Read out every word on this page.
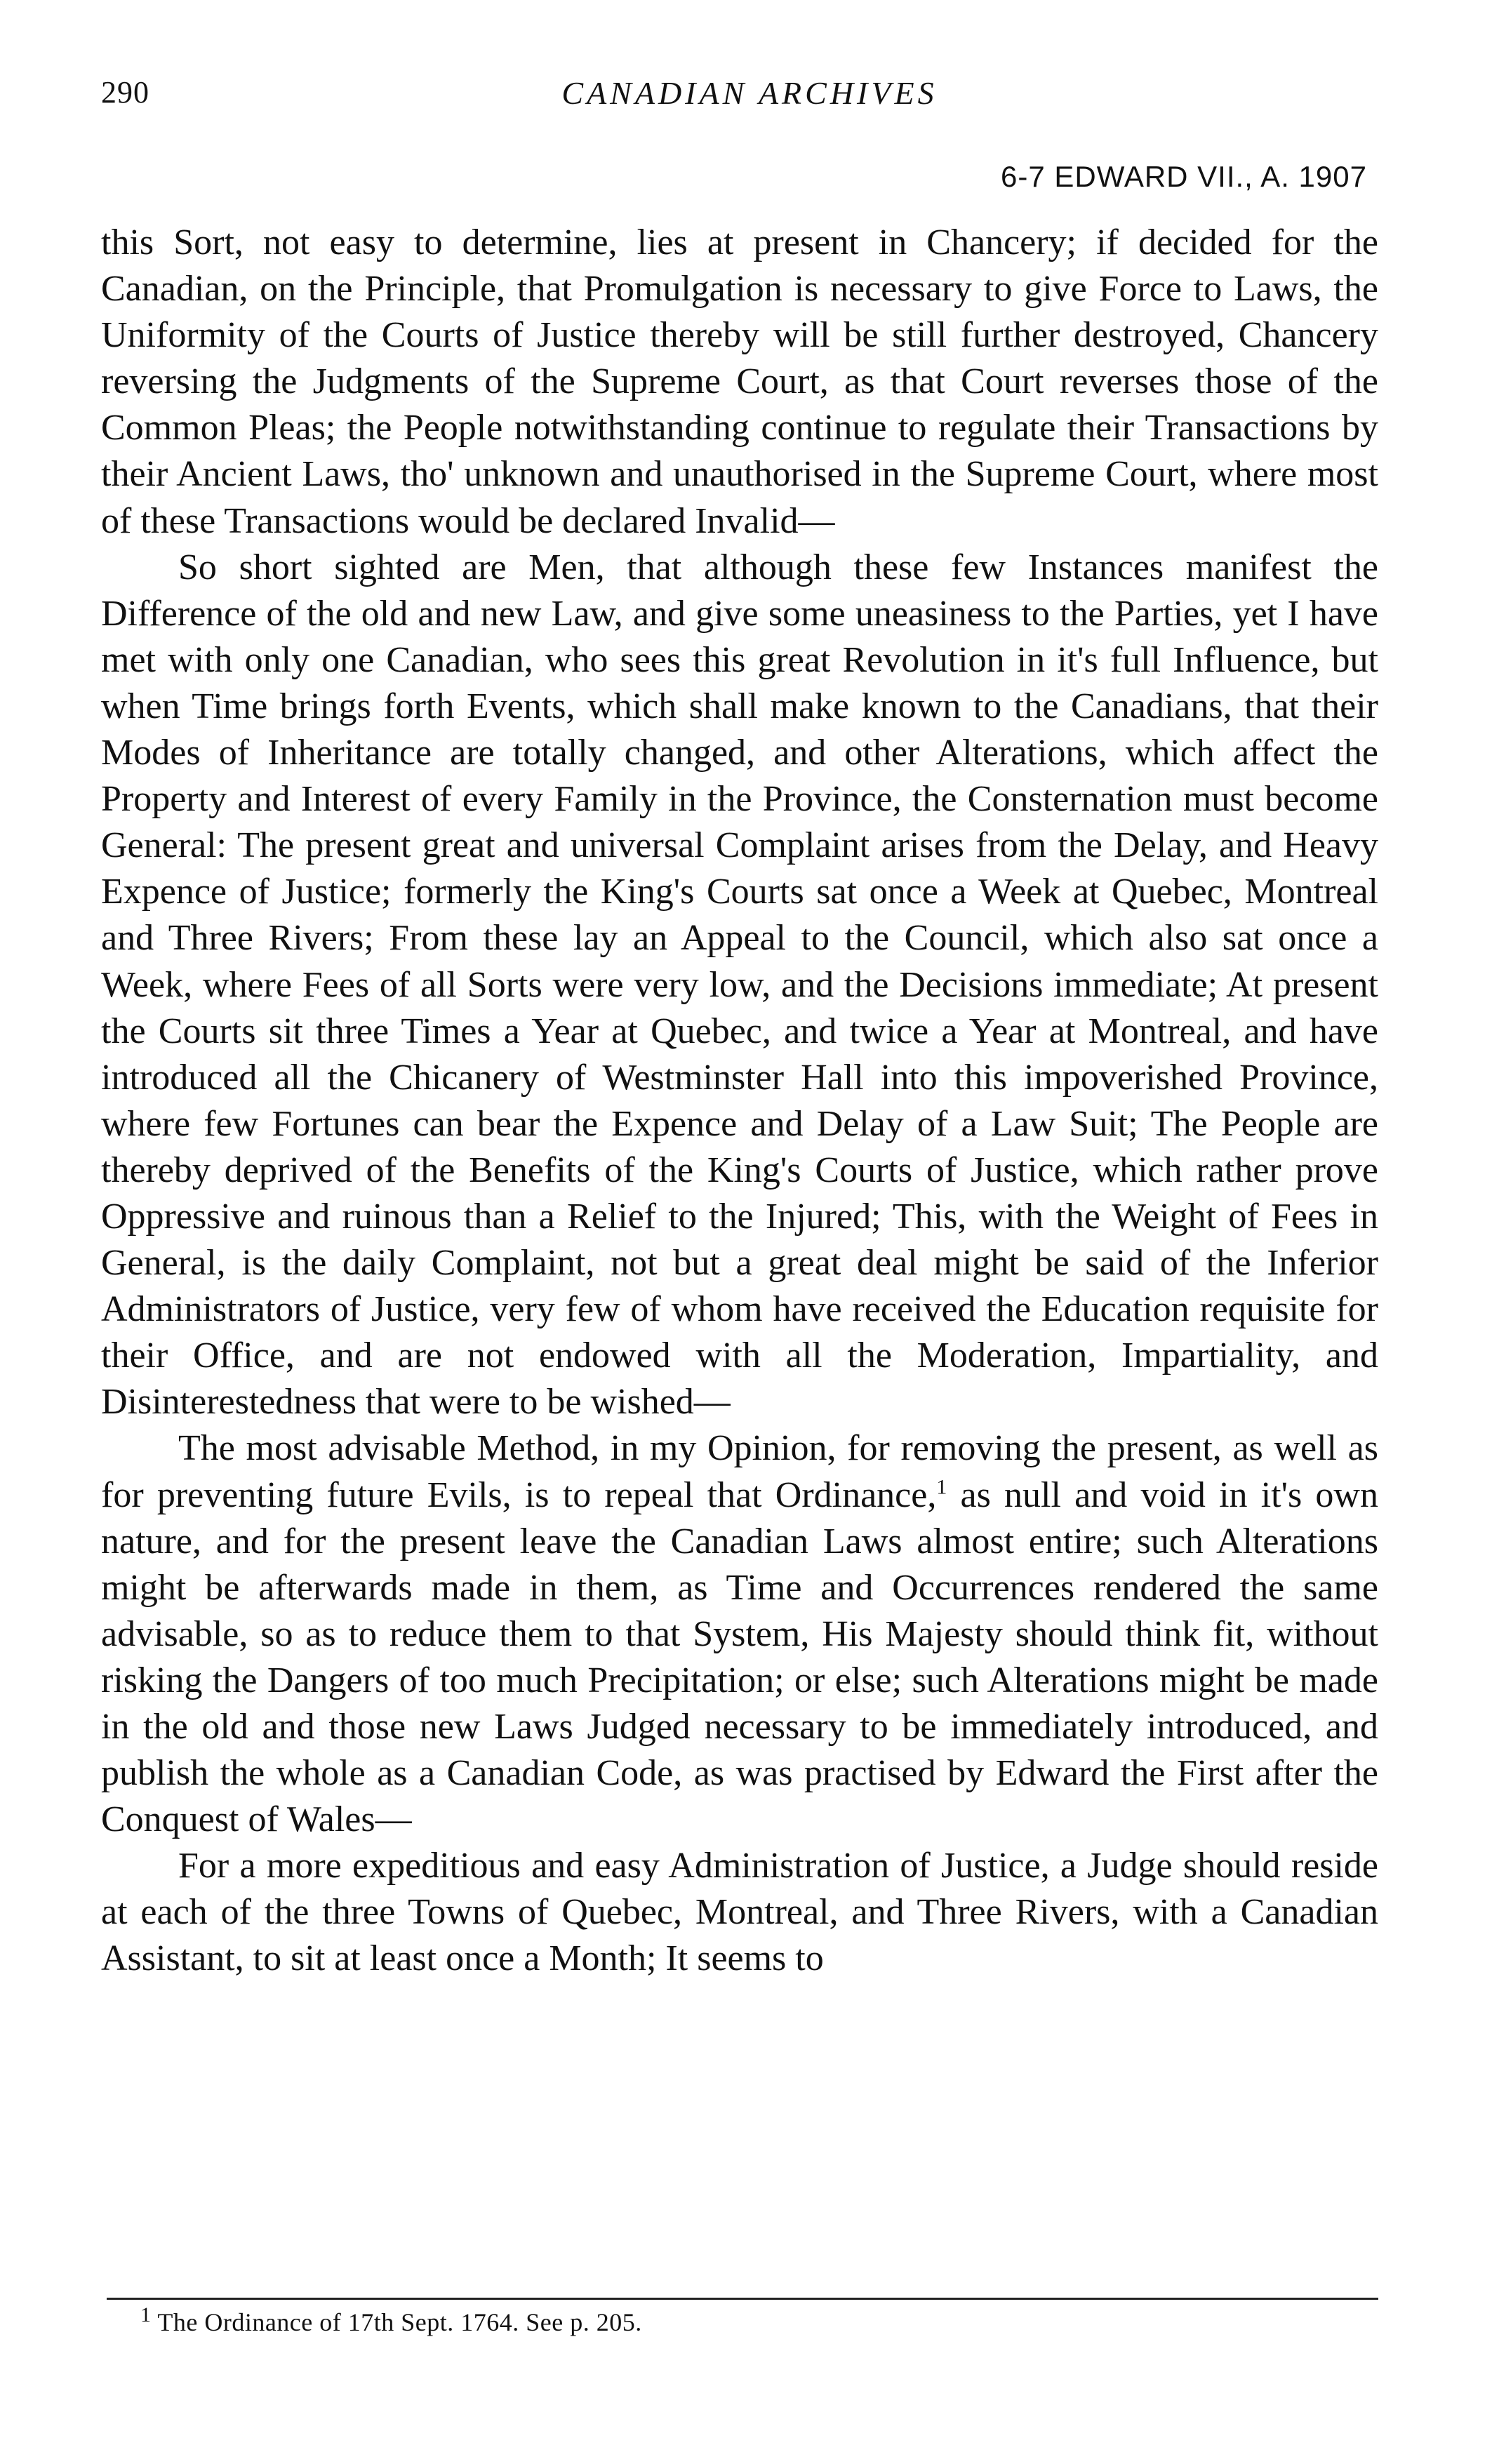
290	CANADIAN ARCHIVES
6-7 EDWARD VII., A. 1907

this Sort, not easy to determine, lies at present in Chancery; if decided for the Canadian, on the Principle, that Promulgation is necessary to give Force to Laws, the Uniformity of the Courts of Justice thereby will be still further destroyed, Chancery reversing the Judgments of the Supreme Court, as that Court reverses those of the Common Pleas; the People notwithstanding continue to regulate their Transactions by their Ancient Laws, tho' unknown and unauthorised in the Supreme Court, where most of these Transactions would be declared Invalid—

So short sighted are Men, that although these few Instances manifest the Difference of the old and new Law, and give some uneasiness to the Parties, yet I have met with only one Canadian, who sees this great Revolution in it's full Influence, but when Time brings forth Events, which shall make known to the Canadians, that their Modes of Inheritance are totally changed, and other Alterations, which affect the Property and Interest of every Family in the Province, the Consternation must become General: The present great and universal Complaint arises from the Delay, and Heavy Expence of Justice; formerly the King's Courts sat once a Week at Quebec, Montreal and Three Rivers; From these lay an Appeal to the Council, which also sat once a Week, where Fees of all Sorts were very low, and the Decisions immediate; At present the Courts sit three Times a Year at Quebec, and twice a Year at Montreal, and have introduced all the Chicanery of Westminster Hall into this impoverished Province, where few Fortunes can bear the Expence and Delay of a Law Suit; The People are thereby deprived of the Benefits of the King's Courts of Justice, which rather prove Oppressive and ruinous than a Relief to the Injured; This, with the Weight of Fees in General, is the daily Complaint, not but a great deal might be said of the Inferior Administrators of Justice, very few of whom have received the Education requisite for their Office, and are not endowed with all the Moderation, Impartiality, and Disinterestedness that were to be wished—

The most advisable Method, in my Opinion, for removing the present, as well as for preventing future Evils, is to repeal that Ordinance,$^1$ as null and void in it's own nature, and for the present leave the Canadian Laws almost entire; such Alterations might be afterwards made in them, as Time and Occurrences rendered the same advisable, so as to reduce them to that System, His Majesty should think fit, without risking the Dangers of too much Precipitation; or else; such Alterations might be made in the old and those new Laws Judged necessary to be immediately introduced, and publish the whole as a Canadian Code, as was practised by Edward the First after the Conquest of Wales—

For a more expeditious and easy Administration of Justice, a Judge should reside at each of the three Towns of Quebec, Montreal, and Three Rivers, with a Canadian Assistant, to sit at least once a Month; It seems to

$^1$ The Ordinance of 17th Sept. 1764. See p. 205.
